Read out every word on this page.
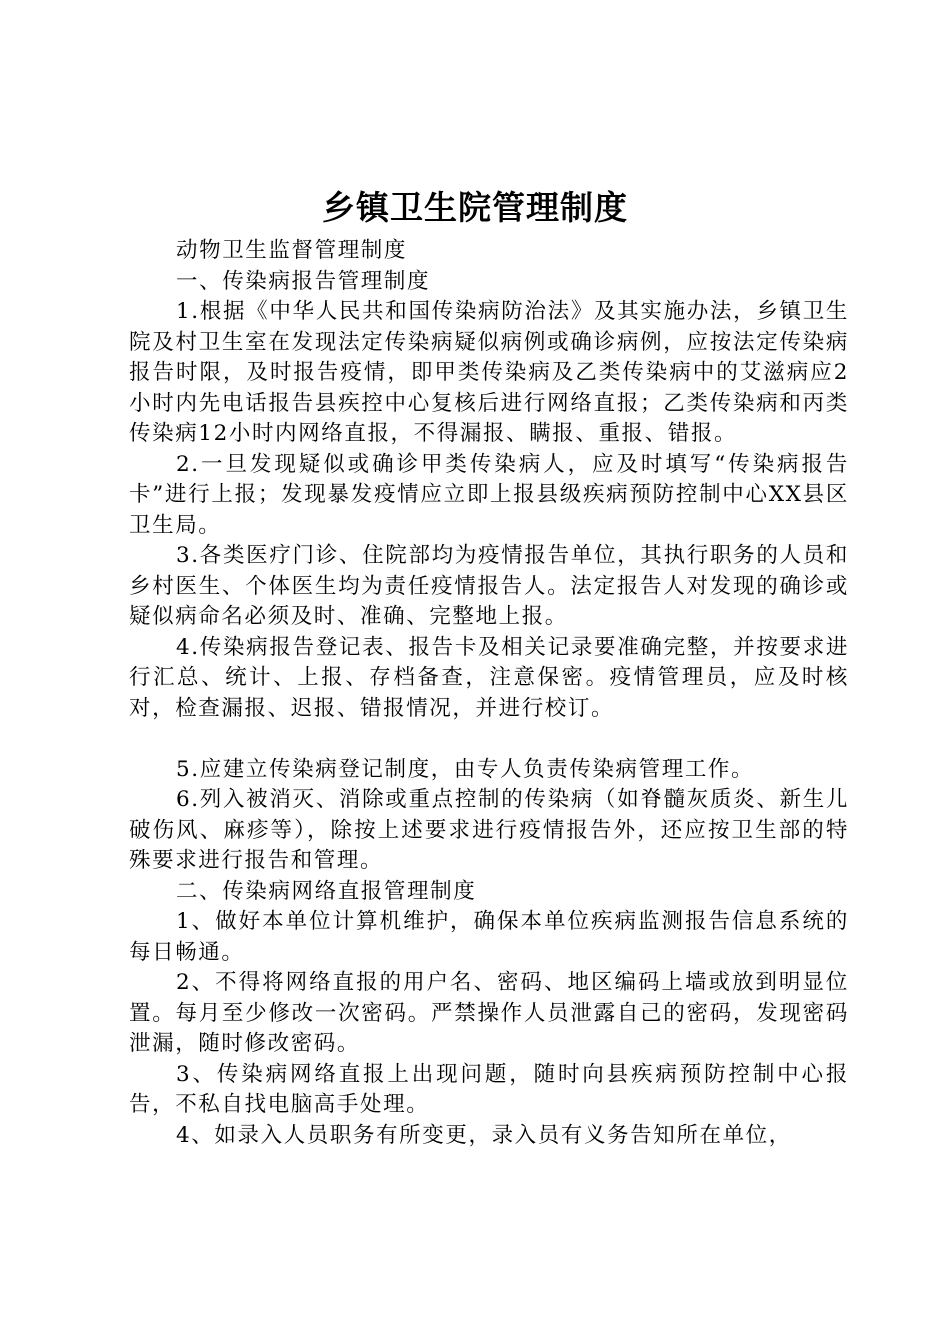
乡镇卫生院管理制度

动物卫生监督管理制度

一、传染病报告管理制度

1.根据《中华人民共和国传染病防治法》及其实施办法，乡镇卫生院及村卫生室在发现法定传染病疑似病例或确诊病例，应按法定传染病报告时限，及时报告疫情，即甲类传染病及乙类传染病中的艾滋病应2小时内先电话报告县疾控中心复核后进行网络直报；乙类传染病和丙类传染病12小时内网络直报，不得漏报、瞒报、重报、错报。

2.一旦发现疑似或确诊甲类传染病人，应及时填写“传染病报告卡”进行上报；发现暴发疫情应立即上报县级疾病预防控制中心XX县区卫生局。

3.各类医疗门诊、住院部均为疫情报告单位，其执行职务的人员和乡村医生、个体医生均为责任疫情报告人。法定报告人对发现的确诊或疑似病命名必须及时、准确、完整地上报。

4.传染病报告登记表、报告卡及相关记录要准确完整，并按要求进行汇总、统计、上报、存档备查，注意保密。疫情管理员，应及时核对，检查漏报、迟报、错报情况，并进行校订。

5.应建立传染病登记制度，由专人负责传染病管理工作。

6.列入被消灭、消除或重点控制的传染病（如脊髓灰质炎、新生儿破伤风、麻疹等），除按上述要求进行疫情报告外，还应按卫生部的特殊要求进行报告和管理。

二、传染病网络直报管理制度

1、做好本单位计算机维护，确保本单位疾病监测报告信息系统的每日畅通。

2、不得将网络直报的用户名、密码、地区编码上墙或放到明显位置。每月至少修改一次密码。严禁操作人员泄露自己的密码，发现密码泄漏，随时修改密码。

3、传染病网络直报上出现问题，随时向县疾病预防控制中心报告，不私自找电脑高手处理。

4、如录入人员职务有所变更，录入员有义务告知所在单位，
